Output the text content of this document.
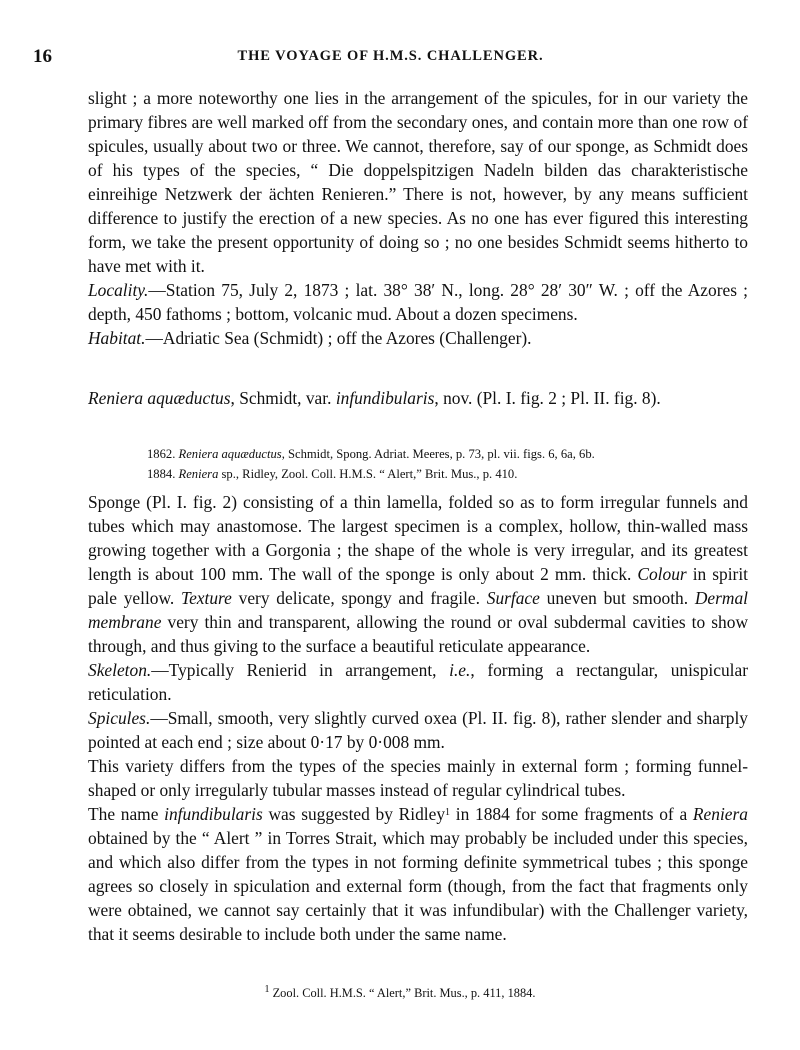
16	THE VOYAGE OF H.M.S. CHALLENGER.

slight ; a more noteworthy one lies in the arrangement of the spicules, for in our variety the primary fibres are well marked off from the secondary ones, and contain more than one row of spicules, usually about two or three. We cannot, therefore, say of our sponge, as Schmidt does of his types of the species, “ Die doppelspitzigen Nadeln bilden das charakteristische einreihige Netzwerk der ächten Renieren.” There is not, however, by any means sufficient difference to justify the erection of a new species. As no one has ever figured this interesting form, we take the present opportunity of doing so ; no one besides Schmidt seems hitherto to have met with it.

Locality.—Station 75, July 2, 1873 ; lat. 38° 38′ N., long. 28° 28′ 30″ W. ; off the Azores ; depth, 450 fathoms ; bottom, volcanic mud. About a dozen specimens.

Habitat.—Adriatic Sea (Schmidt) ; off the Azores (Challenger).

Reniera aquæductus, Schmidt, var. infundibularis, nov. (Pl. I. fig. 2 ; Pl. II. fig. 8).

1862. Reniera aquæductus, Schmidt, Spong. Adriat. Meeres, p. 73, pl. vii. figs. 6, 6a, 6b.
1884. Reniera sp., Ridley, Zool. Coll. H.M.S. “ Alert,” Brit. Mus., p. 410.

Sponge (Pl. I. fig. 2) consisting of a thin lamella, folded so as to form irregular funnels and tubes which may anastomose. The largest specimen is a complex, hollow, thin-walled mass growing together with a Gorgonia ; the shape of the whole is very irregular, and its greatest length is about 100 mm. The wall of the sponge is only about 2 mm. thick. Colour in spirit pale yellow. Texture very delicate, spongy and fragile. Surface uneven but smooth. Dermal membrane very thin and transparent, allowing the round or oval subdermal cavities to show through, and thus giving to the surface a beautiful reticulate appearance.

Skeleton.—Typically Renierid in arrangement, i.e., forming a rectangular, unispicular reticulation.

Spicules.—Small, smooth, very slightly curved oxea (Pl. II. fig. 8), rather slender and sharply pointed at each end ; size about 0·17 by 0·008 mm.

This variety differs from the types of the species mainly in external form ; forming funnel-shaped or only irregularly tubular masses instead of regular cylindrical tubes.

The name infundibularis was suggested by Ridley$^1$ in 1884 for some fragments of a Reniera obtained by the “ Alert ” in Torres Strait, which may probably be included under this species, and which also differ from the types in not forming definite symmetrical tubes ; this sponge agrees so closely in spiculation and external form (though, from the fact that fragments only were obtained, we cannot say certainly that it was infundibular) with the Challenger variety, that it seems desirable to include both under the same name.

$^1$ Zool. Coll. H.M.S. “ Alert,” Brit. Mus., p. 411, 1884.
